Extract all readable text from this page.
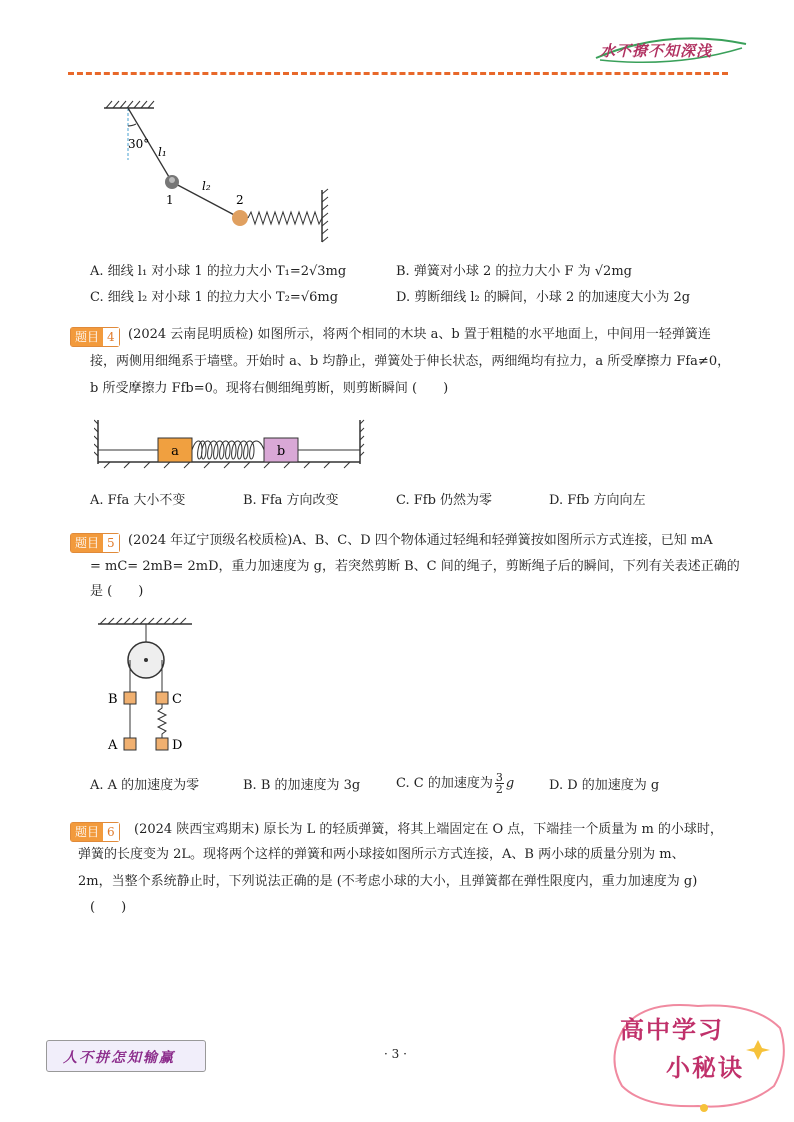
水不撩不知深浅
30°
l₁
l₂
1	2
A. 细线 l₁ 对小球 1 的拉力大小 T₁=2√3mg	B. 弹簧对小球 2 的拉力大小 F 为 √2mg
C. 细线 l₂ 对小球 1 的拉力大小 T₂=√6mg	D. 剪断细线 l₂ 的瞬间，小球 2 的加速度大小为 2g
题目 4	(2024 云南昆明质检) 如图所示，将两个相同的木块 a、b 置于粗糙的水平地面上，中间用一轻弹簧连
接，两侧用细绳系于墙壁。开始时 a、b 均静止，弹簧处于伸长状态，两细绳均有拉力，a 所受摩擦力 Ffa≠0，
b 所受摩擦力 Ffb=0。现将右侧细绳剪断，则剪断瞬间 (　　)
a	b
A. Ffa 大小不变	B. Ffa 方向改变	C. Ffb 仍然为零	D. Ffb 方向向左
题目 5	(2024 年辽宁顶级名校质检)A、B、C、D 四个物体通过轻绳和轻弹簧按如图所示方式连接，已知 mA
= mC= 2mB= 2mD，重力加速度为 g，若突然剪断 B、C 间的绳子，剪断绳子后的瞬间，下列有关表述正确的
是 (　　)
B	C
A	D
A. A 的加速度为零	B. B 的加速度为 3g	C. C 的加速度为 $\frac{3}{2}$ g	D. D 的加速度为 g
题目 6	(2024 陕西宝鸡期末) 原长为 L 的轻质弹簧，将其上端固定在 O 点，下端挂一个质量为 m 的小球时，
弹簧的长度变为 2L。现将两个这样的弹簧和两小球接如图所示方式连接，A、B 两小球的质量分别为 m、
2m，当整个系统静止时，下列说法正确的是 (不考虑小球的大小，且弹簧都在弹性限度内，重力加速度为 g)
(　　)
人不拼怎知输赢	· 3 ·
高中学习
小秘诀
